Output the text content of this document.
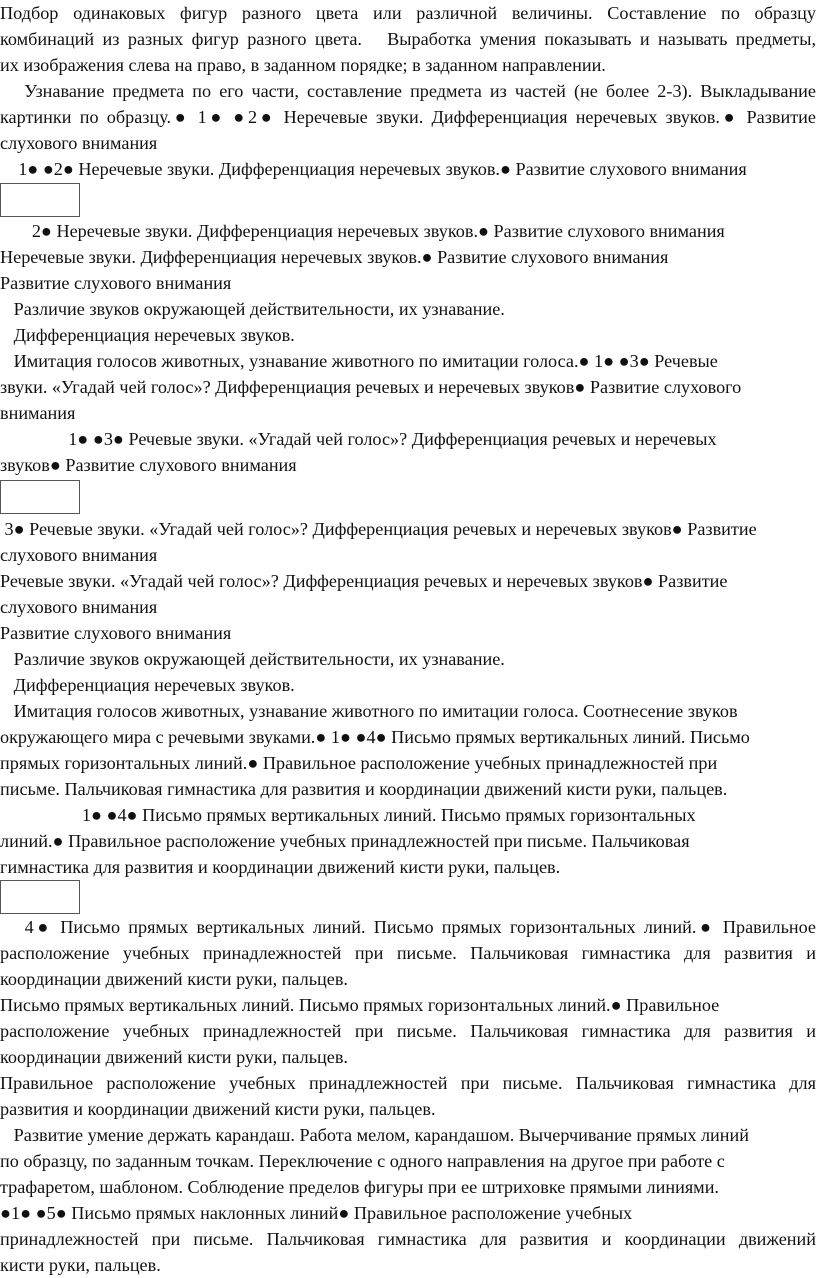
Подбор одинаковых фигур разного цвета или различной величины. Составление по образцу
комбинаций из разных фигур разного цвета.   Выработка умения показывать и называть предметы,
их изображения слева на право, в заданном порядке; в заданном направлении.
Узнавание предмета по его части, составление предмета из частей (не более 2-3). Выкладывание
картинки по образцу.● 1● ●2● Неречевые звуки. Дифференциация неречевых звуков.● Развитие
слухового внимания
1● ●2● Неречевые звуки. Дифференциация неречевых звуков.● Развитие слухового внимания
2● Неречевые звуки. Дифференциация неречевых звуков.● Развитие слухового внимания
Неречевые звуки. Дифференциация неречевых звуков.● Развитие слухового внимания
Развитие слухового внимания
Различие звуков окружающей действительности, их узнавание.
Дифференциация неречевых звуков.
Имитация голосов животных, узнавание животного по имитации голоса.● 1● ●3● Речевые
звуки. «Угадай чей голос»? Дифференциация речевых и неречевых звуков● Развитие слухового
внимания
1● ●3● Речевые звуки. «Угадай чей голос»? Дифференциация речевых и неречевых
звуков● Развитие слухового внимания
3● Речевые звуки. «Угадай чей голос»? Дифференциация речевых и неречевых звуков● Развитие
слухового внимания
Речевые звуки. «Угадай чей голос»? Дифференциация речевых и неречевых звуков● Развитие
слухового внимания
Развитие слухового внимания
Различие звуков окружающей действительности, их узнавание.
Дифференциация неречевых звуков.
Имитация голосов животных, узнавание животного по имитации голоса. Соотнесение звуков
окружающего мира с речевыми звуками.● 1● ●4● Письмо прямых вертикальных линий. Письмо
прямых горизонтальных линий.● Правильное расположение учебных принадлежностей при
письме. Пальчиковая гимнастика для развития и координации движений кисти руки, пальцев.
1● ●4● Письмо прямых вертикальных линий. Письмо прямых горизонтальных
линий.● Правильное расположение учебных принадлежностей при письме. Пальчиковая
гимнастика для развития и координации движений кисти руки, пальцев.
4● Письмо прямых вертикальных линий. Письмо прямых горизонтальных линий.● Правильное
расположение учебных принадлежностей при письме. Пальчиковая гимнастика для развития и
координации движений кисти руки, пальцев.
Письмо прямых вертикальных линий. Письмо прямых горизонтальных линий.● Правильное
расположение учебных принадлежностей при письме. Пальчиковая гимнастика для развития и
координации движений кисти руки, пальцев.
Правильное расположение учебных принадлежностей при письме. Пальчиковая гимнастика для
развития и координации движений кисти руки, пальцев.
Развитие умение держать карандаш. Работа мелом, карандашом. Вычерчивание прямых линий
по образцу, по заданным точкам. Переключение с одного направления на другое при работе с
трафаретом, шаблоном. Соблюдение пределов фигуры при ее штриховке прямыми линиями.
●1● ●5● Письмо прямых наклонных линий● Правильное расположение учебных
принадлежностей при письме. Пальчиковая гимнастика для развития и координации движений
кисти руки, пальцев.
